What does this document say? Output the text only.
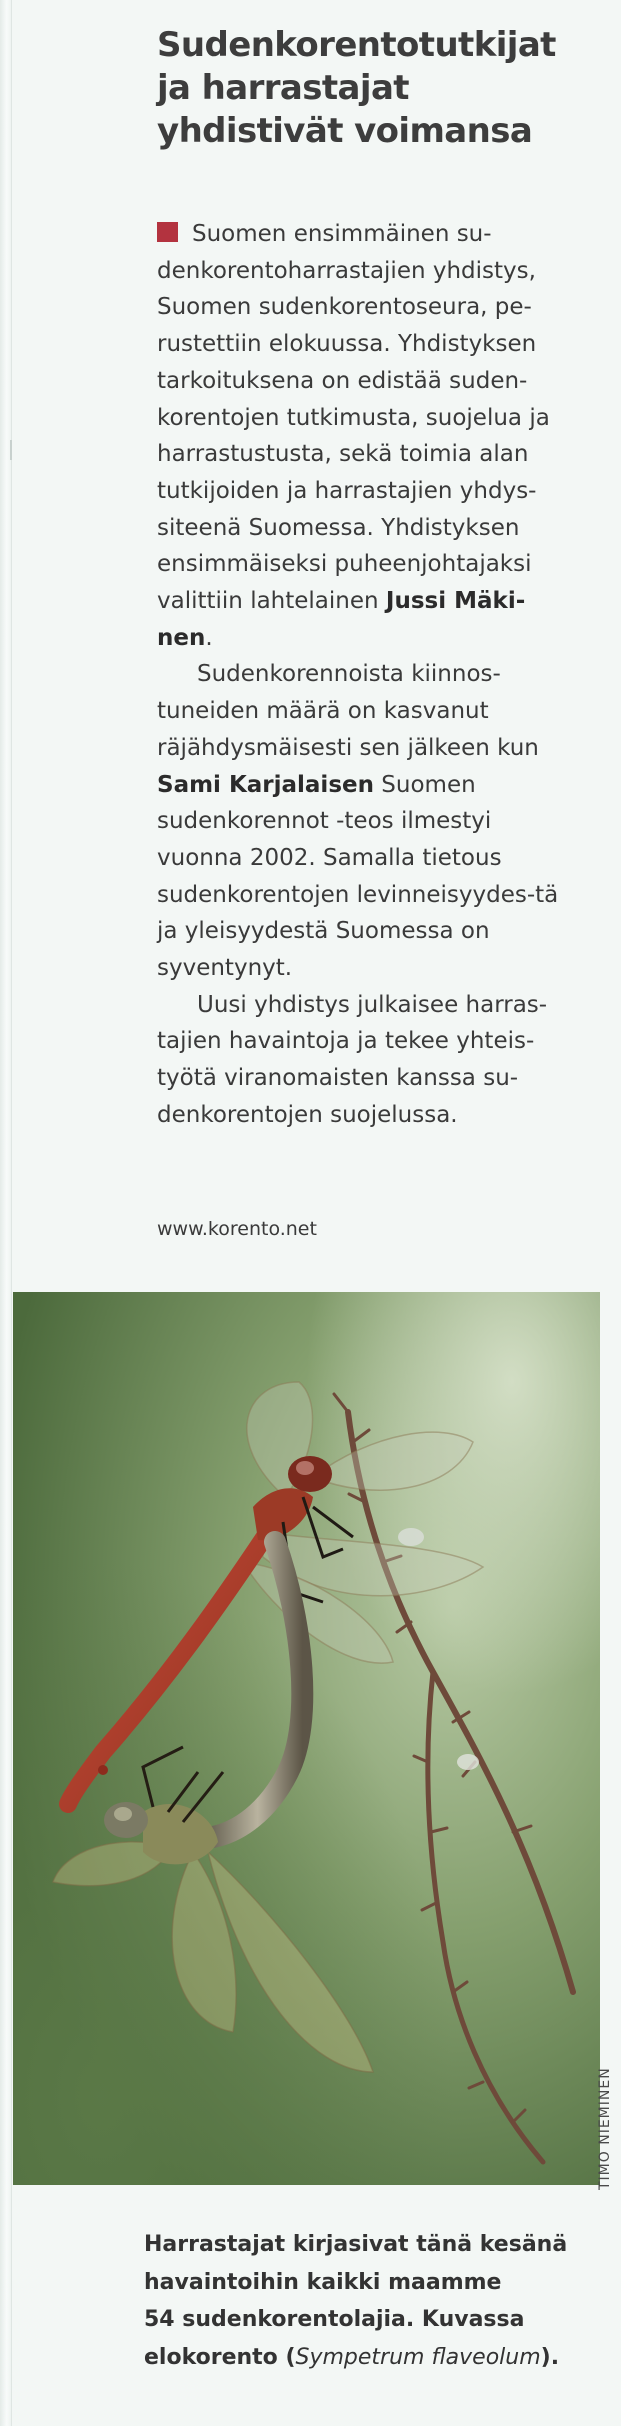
Sudenkorentotutkijat
ja harrastajat
yhdistivät voimansa

Suomen ensimmäinen su-denkorentoharrastajien yhdistys, Suomen sudenkorentoseura, pe-rustettiin elokuussa. Yhdistyksen tarkoituksena on edistää suden-korentojen tutkimusta, suojelua ja harrastustusta, sekä toimia alan tutkijoiden ja harrastajien yhdys-siteenä Suomessa. Yhdistyksen ensimmäiseksi puheenjohtajaksi valittiin lahtelainen Jussi Mäki-nen.

Sudenkorennoista kiinnos-tuneiden määrä on kasvanut räjähdysmäisesti sen jälkeen kun Sami Karjalaisen Suomen sudenkorennot -teos ilmestyi vuonna 2002. Samalla tietous sudenkorentojen levinneisyydes-tä ja yleisyydestä Suomessa on syventynyt.

Uusi yhdistys julkaisee harras-tajien havaintoja ja tekee yhteis-työtä viranomaisten kanssa su-denkorentojen suojelussa.

www.korento.net
TIMO NIEMINEN
Harrastajat kirjasivat tänä kesänä
havaintoihin kaikki maamme
54 sudenkorentolajia. Kuvassa
elokorento (Sympetrum flaveolum).
